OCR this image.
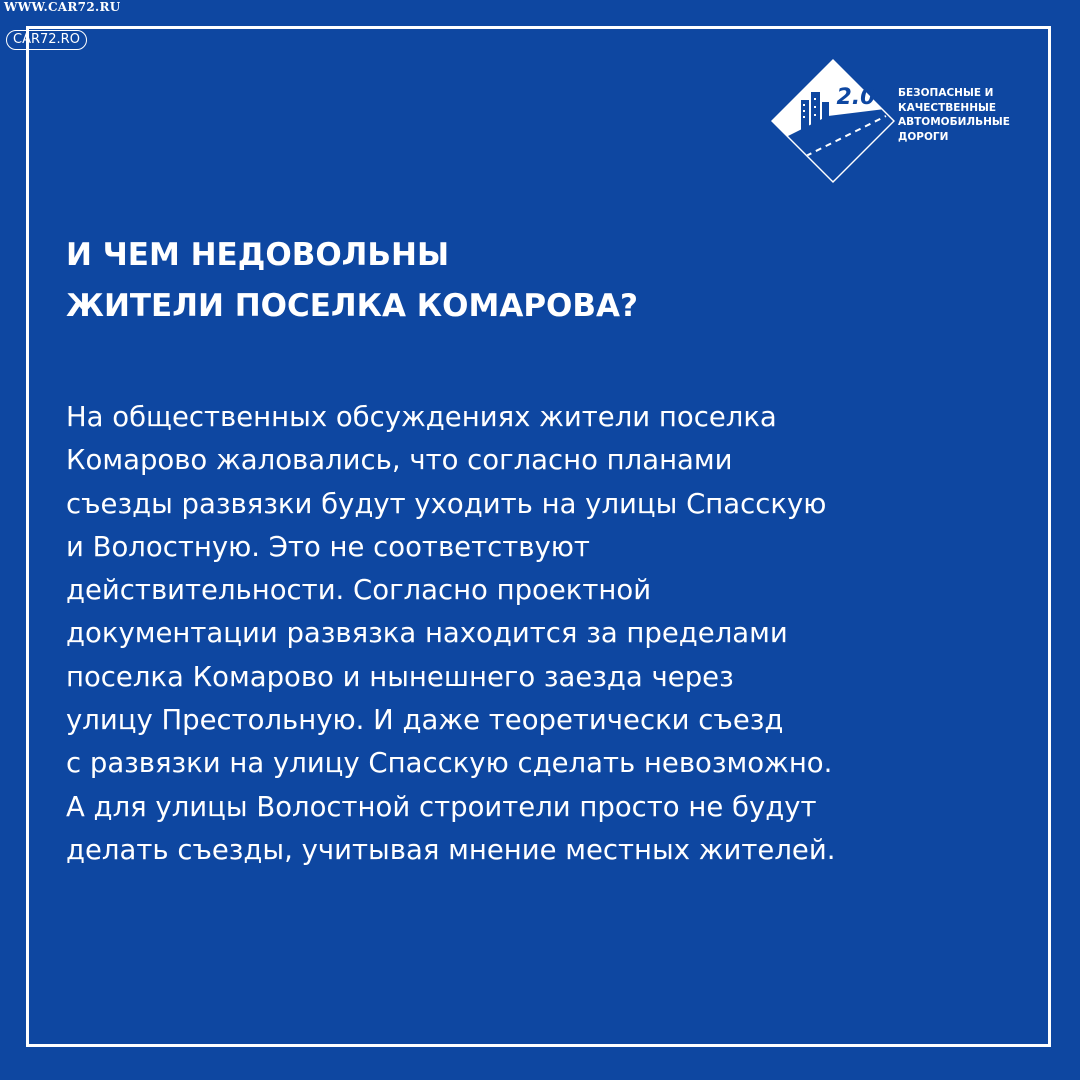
WWW.CAR72.RU
CAR72.RO
2.0 БЕЗОПАСНЫЕ И
КАЧЕСТВЕННЫЕ
АВТОМОБИЛЬНЫЕ
ДОРОГИ
И ЧЕМ НЕДОВОЛЬНЫ
ЖИТЕЛИ ПОСЕЛКА КОМАРОВА?
На общественных обсуждениях жители поселка
Комарово жаловались, что согласно планами
съезды развязки будут уходить на улицы Спасскую
и Волостную. Это не соответствуют
действительности. Согласно проектной
документации развязка находится за пределами
поселка Комарово и нынешнего заезда через
улицу Престольную. И даже теоретически съезд
с развязки на улицу Спасскую сделать невозможно.
А для улицы Волостной строители просто не будут
делать съезды, учитывая мнение местных жителей.
